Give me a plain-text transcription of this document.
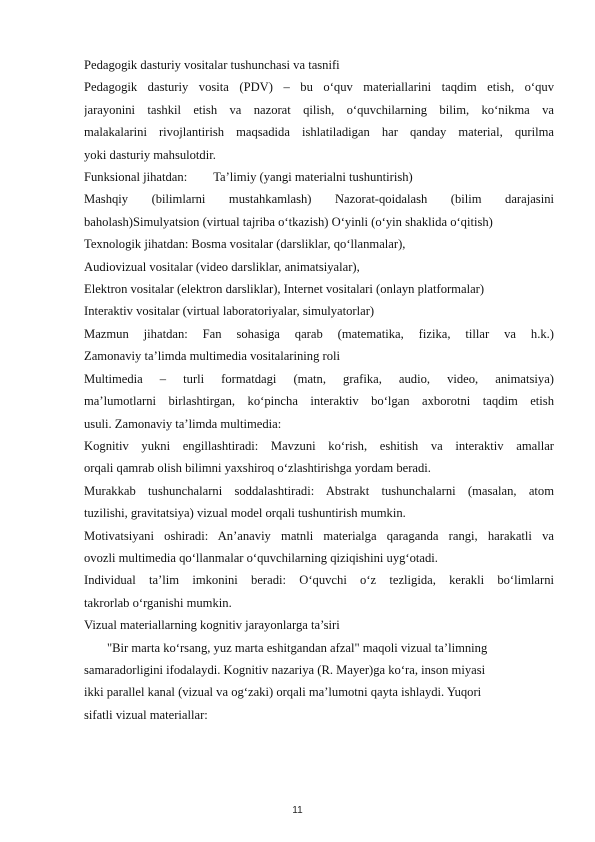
Pedagogik dasturiy vositalar tushunchasi va tasnifi
Pedagogik dasturiy vosita (PDV) – bu o‘quv materiallarini taqdim etish, o‘quv
jarayonini tashkil etish va nazorat qilish, o‘quvchilarning bilim, ko‘nikma va
malakalarini rivojlantirish maqsadida ishlatiladigan har qanday material, qurilma
yoki dasturiy mahsulotdir.
Funksional jihatdan: Ta’limiy (yangi materialni tushuntirish)
Mashqiy (bilimlarni mustahkamlash) Nazorat-qoidalash (bilim darajasini
baholash)Simulyatsion (virtual tajriba o‘tkazish) O‘yinli (o‘yin shaklida o‘qitish)
Texnologik jihatdan: Bosma vositalar (darsliklar, qo‘llanmalar),
Audiovizual vositalar (video darsliklar, animatsiyalar),
Elektron vositalar (elektron darsliklar), Internet vositalari (onlayn platformalar)
Interaktiv vositalar (virtual laboratoriyalar, simulyatorlar)
Mazmun jihatdan: Fan sohasiga qarab (matematika, fizika, tillar va h.k.)
Zamonaviy ta’limda multimedia vositalarining roli
Multimedia – turli formatdagi (matn, grafika, audio, video, animatsiya)
ma’lumotlarni birlashtirgan, ko‘pincha interaktiv bo‘lgan axborotni taqdim etish
usuli. Zamonaviy ta’limda multimedia:
Kognitiv yukni engillashtiradi: Mavzuni ko‘rish, eshitish va interaktiv amallar
orqali qamrab olish bilimni yaxshiroq o‘zlashtirishga yordam beradi.
Murakkab tushunchalarni soddalashtiradi: Abstrakt tushunchalarni (masalan, atom
tuzilishi, gravitatsiya) vizual model orqali tushuntirish mumkin.
Motivatsiyani oshiradi: An’anaviy matnli materialga qaraganda rangi, harakatli va
ovozli multimedia qo‘llanmalar o‘quvchilarning qiziqishini uyg‘otadi.
Individual ta’lim imkonini beradi: O‘quvchi o‘z tezligida, kerakli bo‘limlarni
takrorlab o‘rganishi mumkin.
Vizual materiallarning kognitiv jarayonlarga ta’siri
"Bir marta ko‘rsang, yuz marta eshitgandan afzal" maqoli vizual ta’limning
samaradorligini ifodalaydi. Kognitiv nazariya (R. Mayer)ga ko‘ra, inson miyasi
ikki parallel kanal (vizual va og‘zaki) orqali ma’lumotni qayta ishlaydi. Yuqori
sifatli vizual materiallar:
11
